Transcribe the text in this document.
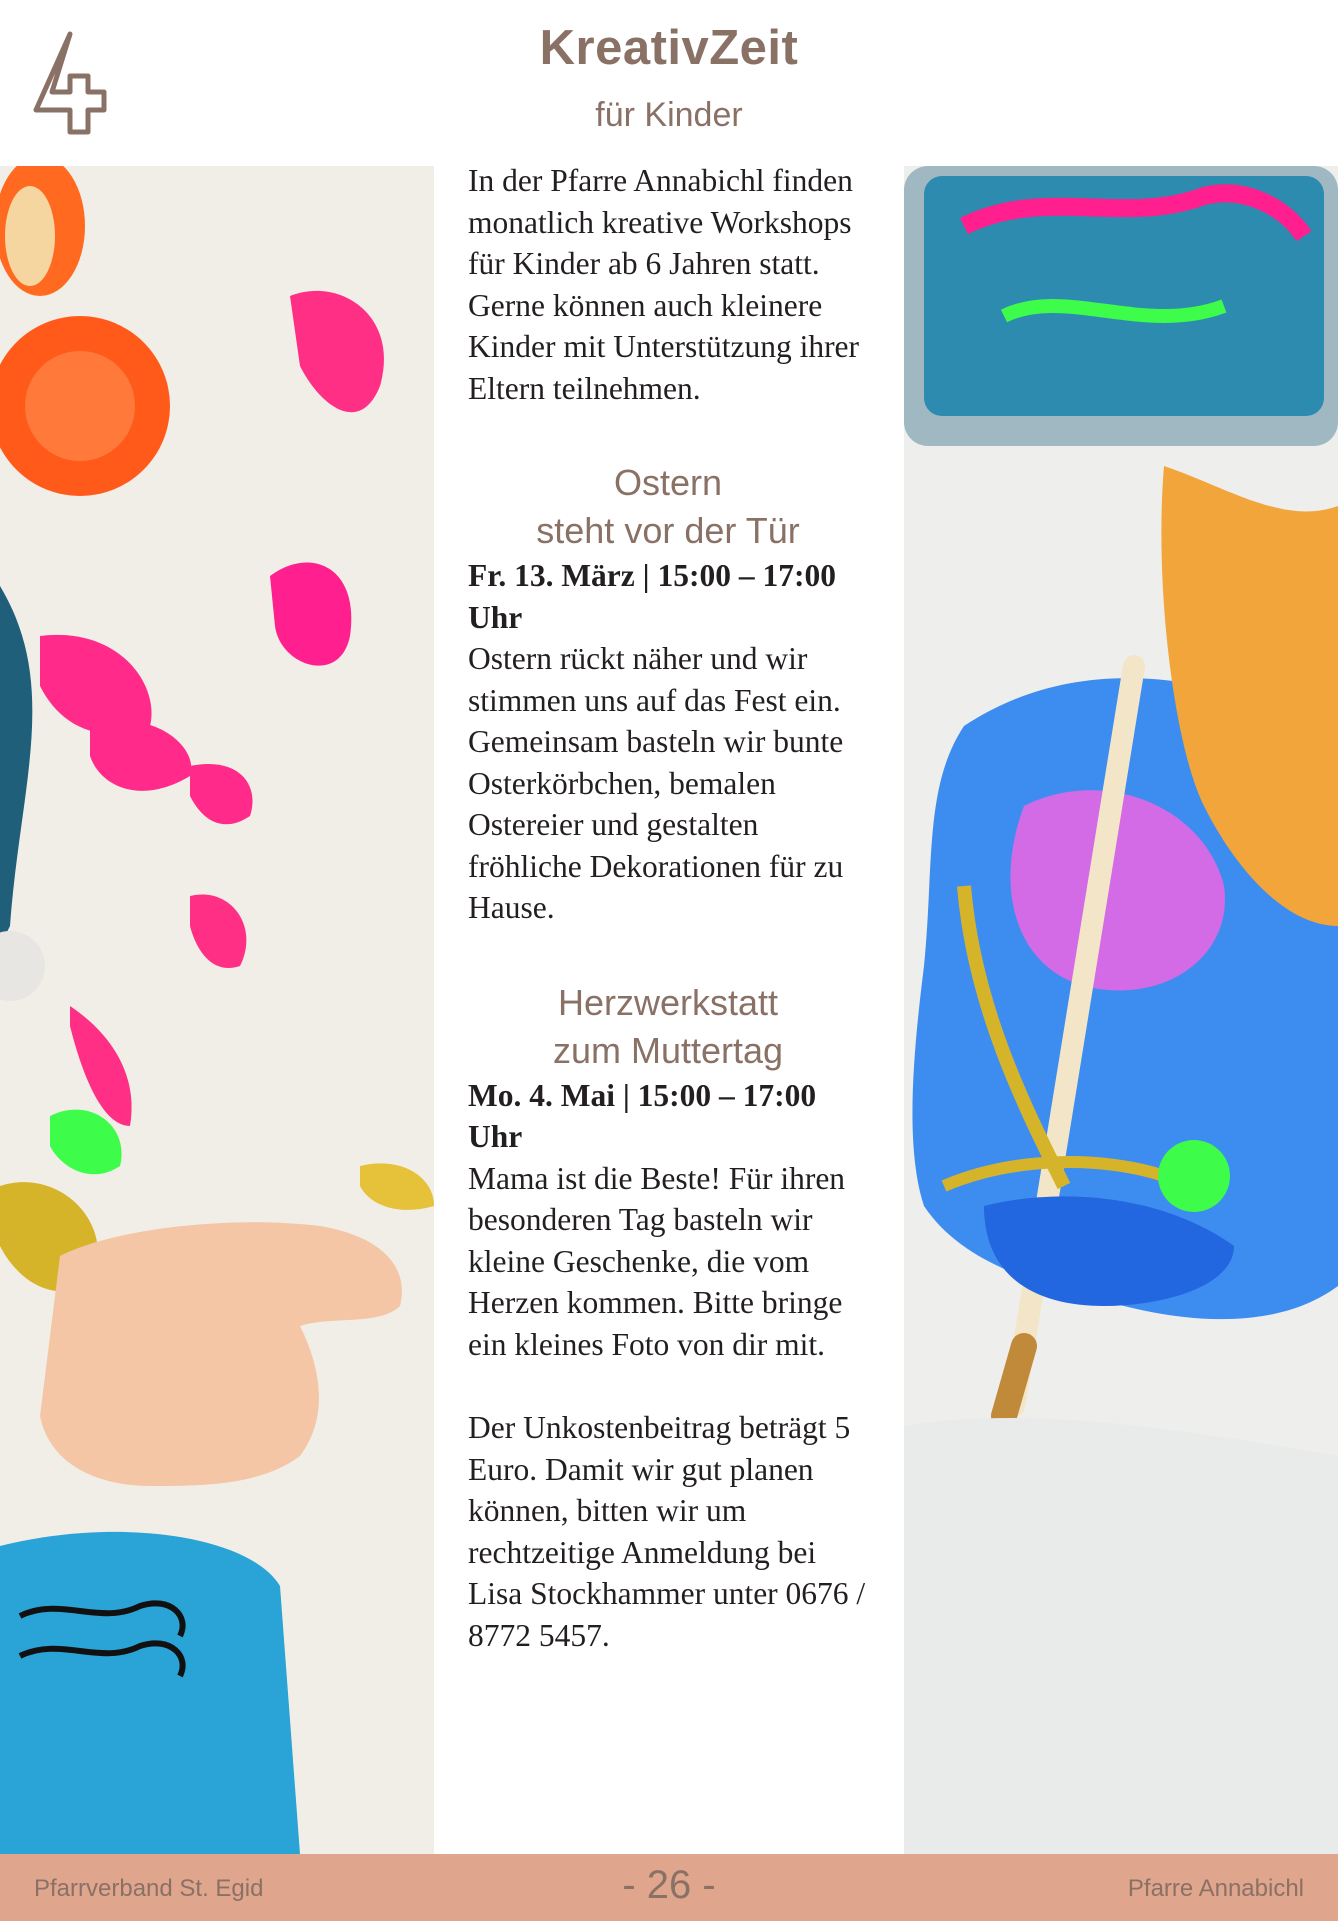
KreativZeit
für Kinder

In der Pfarre Annabichl finden monatlich kreative Workshops für Kinder ab 6 Jahren statt. Gerne können auch kleinere Kinder mit Unterstützung ihrer Eltern teilnehmen.

Ostern
steht vor der Tür

Fr. 13. März | 15:00 – 17:00 Uhr

Ostern rückt näher und wir stimmen uns auf das Fest ein. Gemeinsam basteln wir bunte Osterkörbchen, bemalen Ostereier und gestalten fröhliche Dekorationen für zu Hause.

Herzwerkstatt
zum Muttertag

Mo. 4. Mai | 15:00 – 17:00 Uhr

Mama ist die Beste! Für ihren besonderen Tag basteln wir kleine Geschenke, die vom Herzen kommen. Bitte bringe ein kleines Foto von dir mit.

Der Unkostenbeitrag beträgt 5 Euro. Damit wir gut planen können, bitten wir um rechtzeitige Anmeldung bei Lisa Stockhammer unter 0676 / 8772 5457.

Pfarrverband St. Egid	- 26 -	Pfarre Annabichl
